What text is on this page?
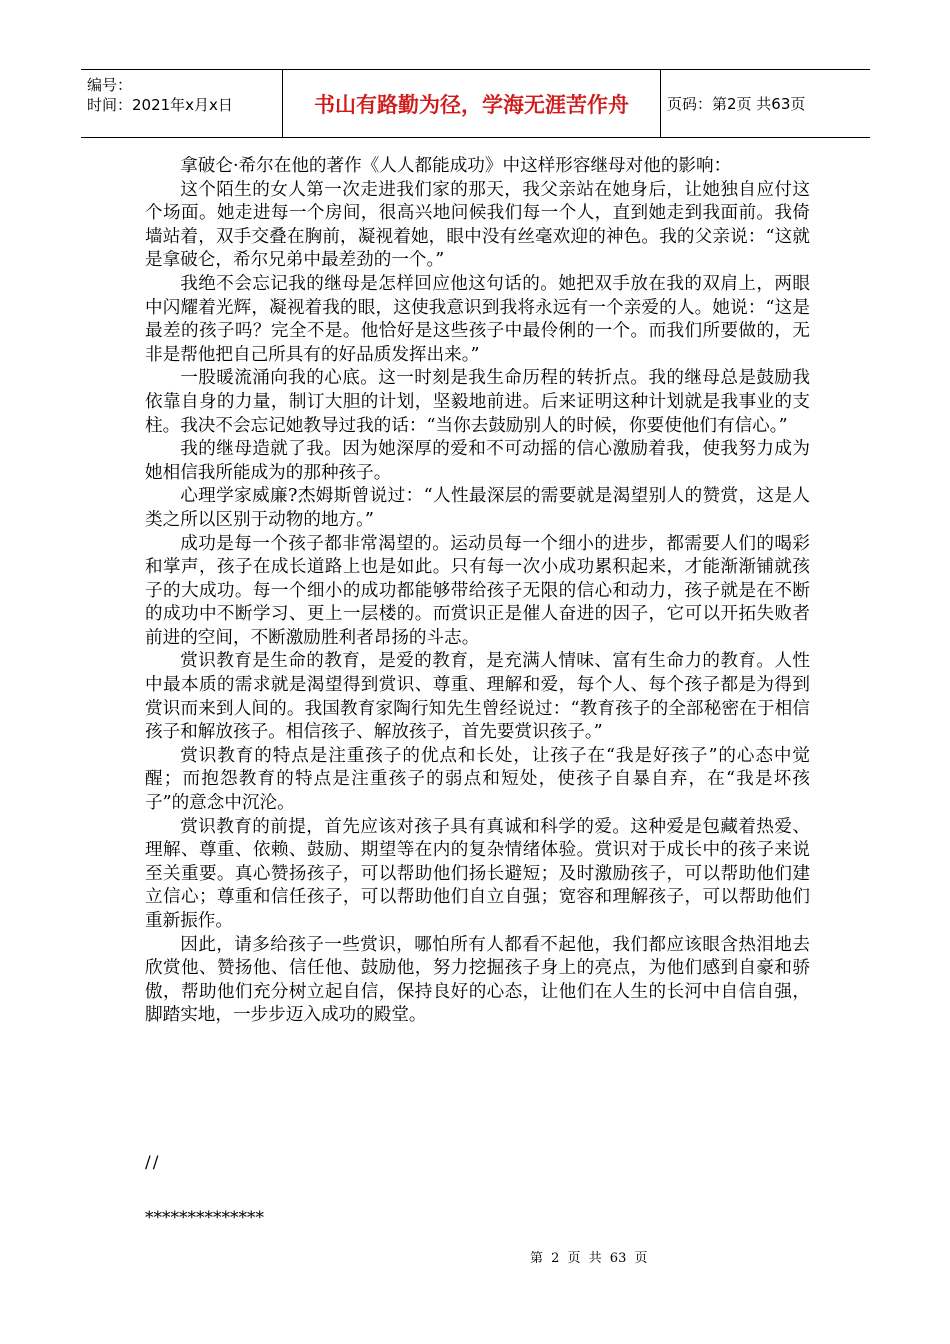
编号：
时间：2021年x月x日	书山有路勤为径，学海无涯苦作舟	页码：第2页 共63页

拿破仑·希尔在他的著作《人人都能成功》中这样形容继母对他的影响：

这个陌生的女人第一次走进我们家的那天，我父亲站在她身后，让她独自应付这个场面。她走进每一个房间，很高兴地问候我们每一个人，直到她走到我面前。我倚墙站着，双手交叠在胸前，凝视着她，眼中没有丝毫欢迎的神色。我的父亲说：“这就是拿破仑，希尔兄弟中最差劲的一个。”

我绝不会忘记我的继母是怎样回应他这句话的。她把双手放在我的双肩上，两眼中闪耀着光辉，凝视着我的眼，这使我意识到我将永远有一个亲爱的人。她说：“这是最差的孩子吗？完全不是。他恰好是这些孩子中最伶俐的一个。而我们所要做的，无非是帮他把自己所具有的好品质发挥出来。”

一股暖流涌向我的心底。这一时刻是我生命历程的转折点。我的继母总是鼓励我依靠自身的力量，制订大胆的计划，坚毅地前进。后来证明这种计划就是我事业的支柱。我决不会忘记她教导过我的话：“当你去鼓励别人的时候，你要使他们有信心。”

我的继母造就了我。因为她深厚的爱和不可动摇的信心激励着我，使我努力成为她相信我所能成为的那种孩子。

心理学家威廉?杰姆斯曾说过：“人性最深层的需要就是渴望别人的赞赏，这是人类之所以区别于动物的地方。”

成功是每一个孩子都非常渴望的。运动员每一个细小的进步，都需要人们的喝彩和掌声，孩子在成长道路上也是如此。只有每一次小成功累积起来，才能渐渐铺就孩子的大成功。每一个细小的成功都能够带给孩子无限的信心和动力，孩子就是在不断的成功中不断学习、更上一层楼的。而赏识正是催人奋进的因子，它可以开拓失败者前进的空间，不断激励胜利者昂扬的斗志。

赏识教育是生命的教育，是爱的教育，是充满人情味、富有生命力的教育。人性中最本质的需求就是渴望得到赏识、尊重、理解和爱，每个人、每个孩子都是为得到赏识而来到人间的。我国教育家陶行知先生曾经说过：“教育孩子的全部秘密在于相信孩子和解放孩子。相信孩子、解放孩子，首先要赏识孩子。”

赏识教育的特点是注重孩子的优点和长处，让孩子在“我是好孩子”的心态中觉醒；而抱怨教育的特点是注重孩子的弱点和短处，使孩子自暴自弃，在“我是坏孩子”的意念中沉沦。

赏识教育的前提，首先应该对孩子具有真诚和科学的爱。这种爱是包藏着热爱、理解、尊重、依赖、鼓励、期望等在内的复杂情绪体验。赏识对于成长中的孩子来说至关重要。真心赞扬孩子，可以帮助他们扬长避短；及时激励孩子，可以帮助他们建立信心；尊重和信任孩子，可以帮助他们自立自强；宽容和理解孩子，可以帮助他们重新振作。

因此，请多给孩子一些赏识，哪怕所有人都看不起他，我们都应该眼含热泪地去欣赏他、赞扬他、信任他、鼓励他，努力挖掘孩子身上的亮点，为他们感到自豪和骄傲，帮助他们充分树立起自信，保持良好的心态，让他们在人生的长河中自信自强，脚踏实地，一步步迈入成功的殿堂。

//
**************
第 2 页 共 63 页
